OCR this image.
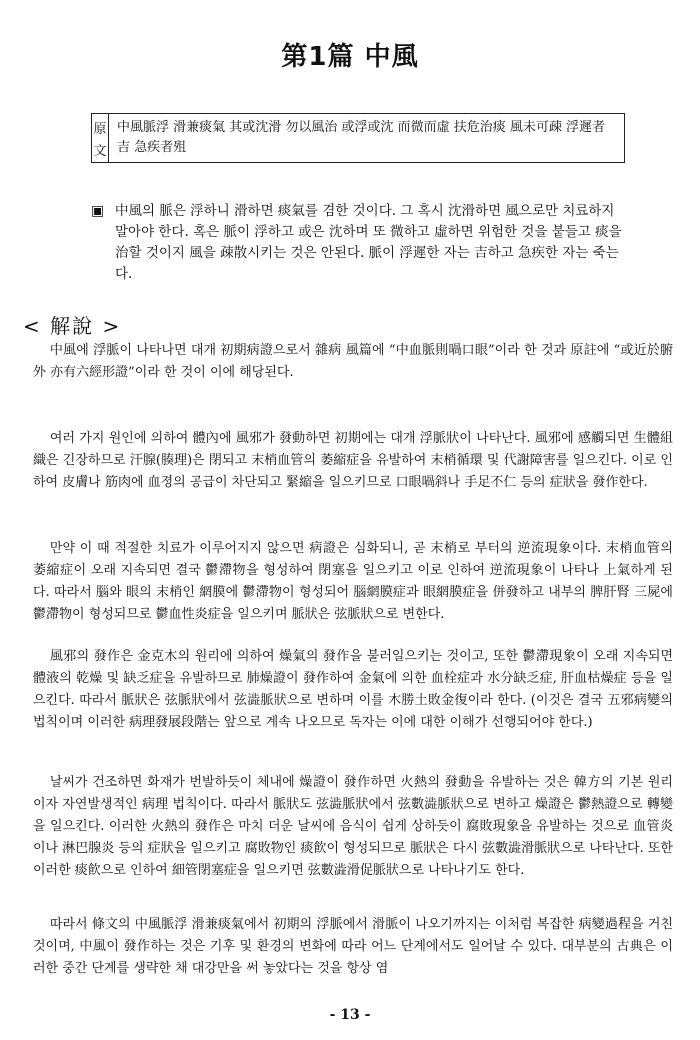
第1篇 中風
原
文
中風脈浮 滑兼痰氣 其或沈滑 勿以風治 或浮或沈 而微而虛 扶危治痰 風未可疎 浮遲者吉 急疾者殂
▣ 中風의 脈은 浮하니 滑하면 痰氣를 겸한 것이다. 그 혹시 沈滑하면 風으로만 치료하지 말아야 한다. 혹은 脈이 浮하고 或은 沈하며 또 微하고 虛하면 위험한 것을 붙들고 痰을 治할 것이지 風을 疎散시키는 것은 안된다. 脈이 浮遲한 자는 吉하고 急疾한 자는 죽는다.
< 解說 >

中風에 浮脈이 나타나면 대개 初期病證으로서 雜病 風篇에 “中血脈則喎口眼”이라 한 것과 原註에 “或近於腑外 亦有六經形證”이라 한 것이 이에 해당된다.

여러 가지 원인에 의하여 體內에 風邪가 發動하면 初期에는 대개 浮脈狀이 나타난다. 風邪에 感觸되면 生體組織은 긴장하므로 汗腺(腠理)은 閉되고 末梢血管의 萎縮症을 유발하여 末梢循環 및 代謝障害를 일으킨다. 이로 인하여 皮膚나 筋肉에 血졍의 공급이 차단되고 緊縮을 일으키므로 口眼喎斜나 手足不仁 등의 症狀을 發作한다.

만약 이 때 적절한 치료가 이루어지지 않으면 病證은 심화되니, 곧 末梢로 부터의 逆流現象이다. 末梢血管의 萎縮症이 오래 지속되면 결국 鬱滯物을 형성하여 閉塞을 일으키고 이로 인하여 逆流現象이 나타나 上氣하게 된다. 따라서 腦와 眼의 末梢인 網膜에 鬱滯物이 형성되어 腦網膜症과 眼網膜症을 併發하고 내부의 脾肝腎 三屍에 鬱滯物이 형성되므로 鬱血性炎症을 일으키며 脈狀은 弦脈狀으로 변한다.

風邪의 發作은 金克木의 원리에 의하여 燥氣의 發作을 불러일으키는 것이고, 또한 鬱滯現象이 오래 지속되면 體液의 乾燥 및 缺乏症을 유발하므로 肺燥證이 發作하여 金氣에 의한 血栓症과 水分缺乏症, 肝血枯燥症 등을 일으킨다. 따라서 脈狀은 弦脈狀에서 弦澁脈狀으로 변하며 이를 木勝土敗金復이라 한다. (이것은 결국 五邪病變의 법칙이며 이러한 病理發展段階는 앞으로 계속 나오므로 독자는 이에 대한 이해가 선행되어야 한다.)

날씨가 건조하면 화재가 번발하듯이 체내에 燥證이 發作하면 火熱의 發動을 유발하는 것은 韓方의 기본 원리이자 자연발생적인 病理 법칙이다. 따라서 脈狀도 弦澁脈狀에서 弦數澁脈狀으로 변하고 燥證은 鬱熱證으로 轉變을 일으킨다. 이러한 火熱의 發作은 마치 더운 날씨에 음식이 쉽게 상하듯이 腐敗現象을 유발하는 것으로 血管炎이나 淋巴腺炎 등의 症狀을 일으키고 腐敗物인 痰飮이 형성되므로 脈狀은 다시 弦數澁滑脈狀으로 나타난다. 또한 이러한 痰飮으로 인하여 細管閉塞症을 일으키면 弦數澁滑促脈狀으로 나타나기도 한다.

따라서 條文의 中風脈浮 滑兼痰氣에서 初期의 浮脈에서 滑脈이 나오기까지는 이처럼 복잡한 病變過程을 거친 것이며, 中風이 發作하는 것은 기후 및 환경의 변화에 따라 어느 단계에서도 일어날 수 있다. 대부분의 古典은 이러한 중간 단계를 생략한 채 대강만을 써 놓았다는 것을 항상 염

- 13 -
